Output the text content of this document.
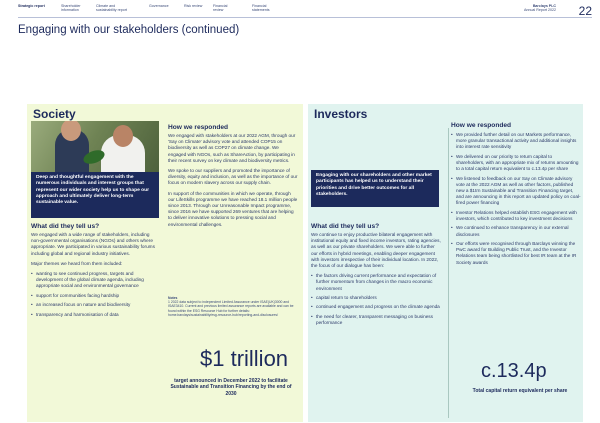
Strategic report	Shareholder information
Climate and sustainability report
Governance	Risk review	Financial review
Financial statements
Barclays PLC
Annual Report 2022 22
Engaging with our stakeholders (continued)
Society
Deep and thoughtful engagement with the numerous individuals and interest groups that represent our wider society help us to shape our approach and ultimately deliver long-term sustainable value.
What did they tell us?

We engaged with a wide range of stakeholders, including non-governmental organisations (NGOs) and others where appropriate. We participated in various sustainability forums including global and regional industry initiatives.

Major themes we heard from them included:

• wanting to see continued progress, targets and development of the global climate agenda, including appropriate social and environmental governance
• support for communities facing hardship
• an increased focus on nature and biodiversity
• transparency and harmonisation of data
How we responded

We engaged with stakeholders at our 2022 AGM, through our 'Say on Climate' advisory vote and attended COP15 on biodiversity as well as COP27 on climate change. We engaged with NGOs, such as ShareAction, by participating in their recent survey on key climate and biodiversity metrics.

We spoke to our suppliers and promoted the importance of diversity, equity and inclusion, as well as the importance of our focus on modern slavery across our supply chain.

In support of the communities in which we operate, through our LifeSkills programme we have reached 18.1 million people since 2013. Through our Unreasonable Impact programme, since 2016 we have supported 269 ventures that are helping to deliver innovative solutions to pressing social and environmental challenges.

Notes
1 2022 data subject to independent Limited Assurance under ISAE(UK)3000 and ISAE3410. Current and previous limited assurance reports are available and can be found within the ESG Resource Hub for further details: home.barclays/sustainability/esg-resource-hub/reporting-and-disclosures/
$1 trillion
target announced in December 2022 to facilitate Sustainable and Transition Financing by the end of 2030
Investors
Engaging with our shareholders and other market participants has helped us to understand their priorities and drive better outcomes for all stakeholders.
What did they tell us?

We continue to enjoy productive bilateral engagement with institutional equity and fixed income investors, rating agencies, as well as our private shareholders. We were able to further our efforts in hybrid meetings, enabling deeper engagement with investors irrespective of their individual location. In 2022, the focus of our dialogue has been:

• the factors driving current performance and expectation of further momentum from changes in the macro economic environment
• capital return to shareholders
• continued engagement and progress on the climate agenda
• the need for clearer, transparent messaging on business performance
How we responded
• We provided further detail on our Markets performance, more granular transactional activity and additional insights into interest rate sensitivity
• We delivered on our priority to return capital to shareholders, with an appropriate mix of returns amounting to a total capital return equivalent to c.13.4p per share
• We listened to feedback on our Say on Climate advisory vote at the 2022 AGM as well as other factors, published new a $1trn Sustainable and Transition Financing target, and are announcing in this report an updated policy on coal-fired power financing
• Investor Relations helped establish ESG engagement with investors, which contributed to key investment decisions
• We continued to enhance transparency in our external disclosures
• Our efforts were recognised through Barclays winning the PwC award for Building Public Trust, and the Investor Relations team being shortlisted for best IR team at the IR Society awards
c.13.4p
Total capital return equivalent per share
